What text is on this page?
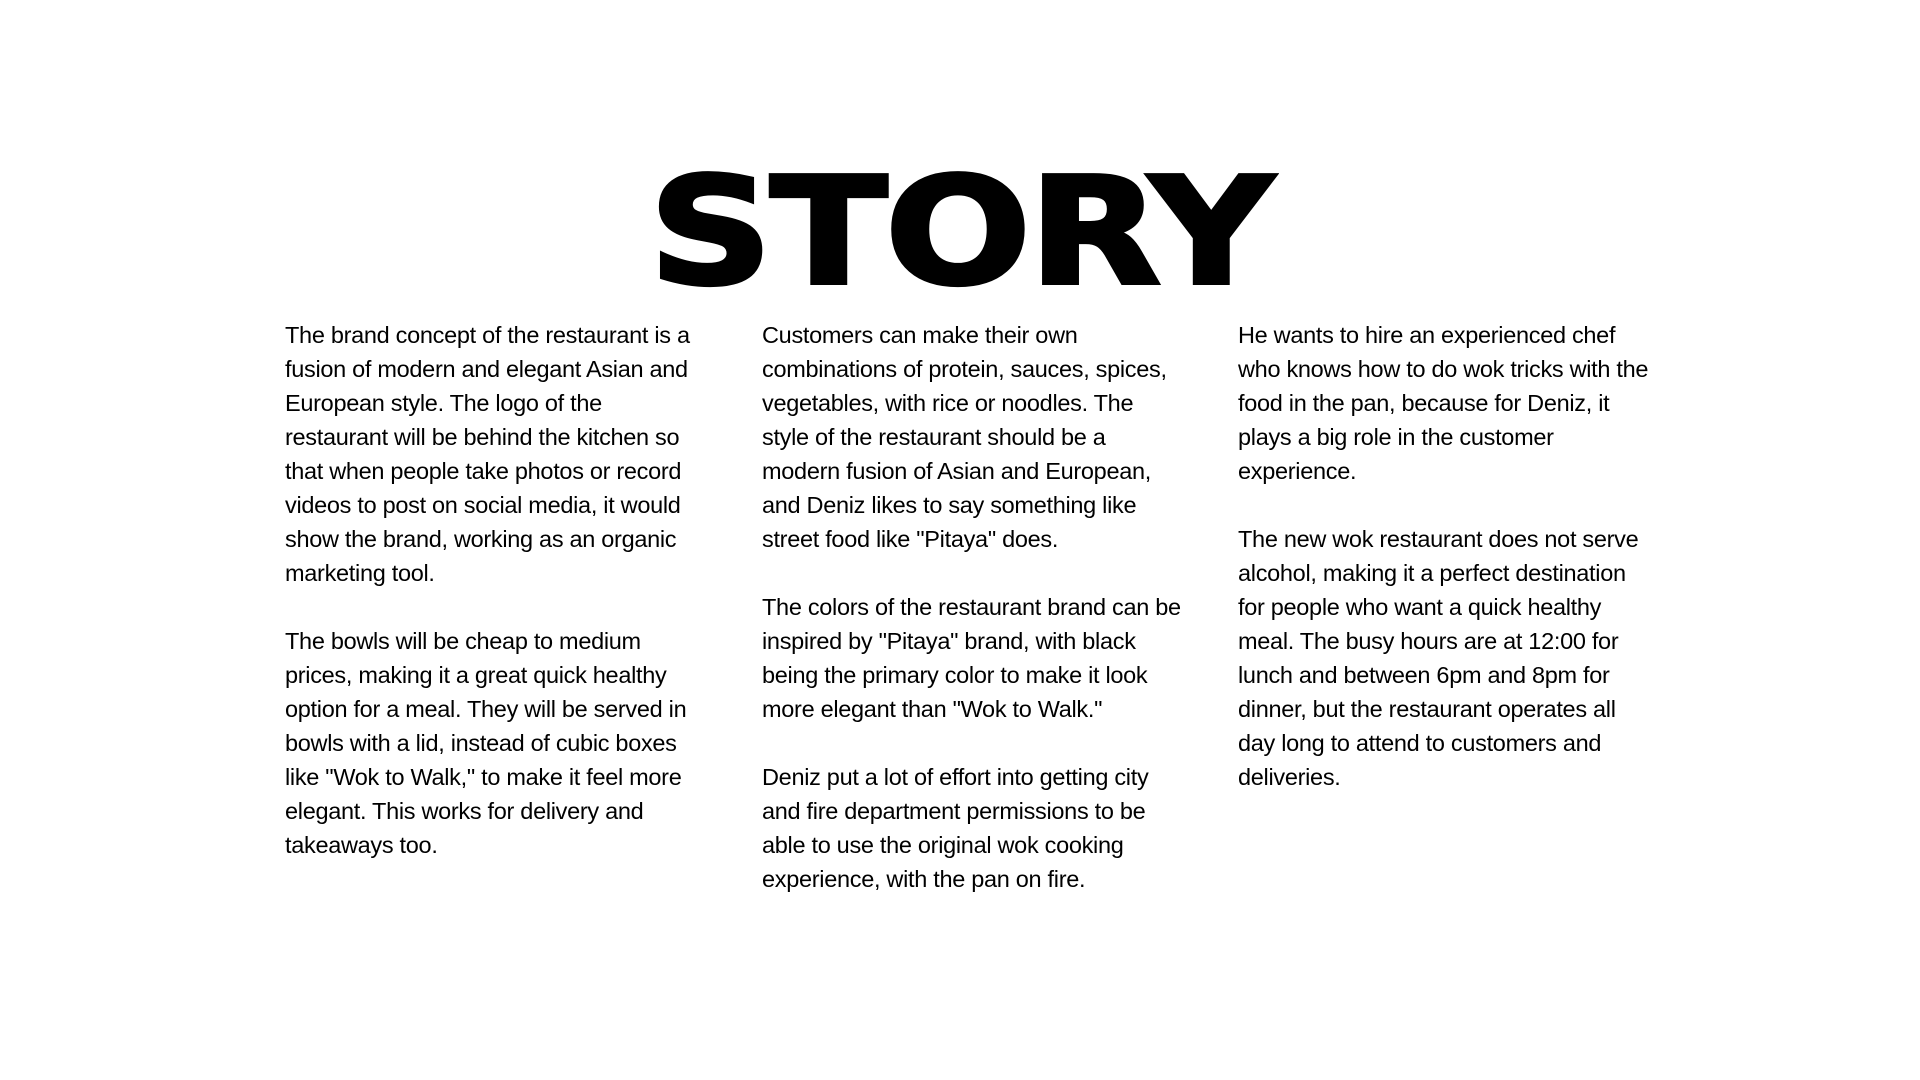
STORY

The brand concept of the restaurant is a fusion of modern and elegant Asian and European style. The logo of the restaurant will be behind the kitchen so that when people take photos or record videos to post on social media, it would show the brand, working as an organic marketing tool.

The bowls will be cheap to medium prices, making it a great quick healthy option for a meal. They will be served in bowls with a lid, instead of cubic boxes like "Wok to Walk," to make it feel more elegant. This works for delivery and takeaways too.

Customers can make their own combinations of protein, sauces, spices, vegetables, with rice or noodles. The style of the restaurant should be a modern fusion of Asian and European, and Deniz likes to say something like street food like "Pitaya" does.

The colors of the restaurant brand can be inspired by "Pitaya" brand, with black being the primary color to make it look more elegant than "Wok to Walk."

Deniz put a lot of effort into getting city and fire department permissions to be able to use the original wok cooking experience, with the pan on fire.

He wants to hire an experienced chef who knows how to do wok tricks with the food in the pan, because for Deniz, it plays a big role in the customer experience.

The new wok restaurant does not serve alcohol, making it a perfect destination for people who want a quick healthy meal. The busy hours are at 12:00 for lunch and between 6pm and 8pm for dinner, but the restaurant operates all day long to attend to customers and deliveries.
